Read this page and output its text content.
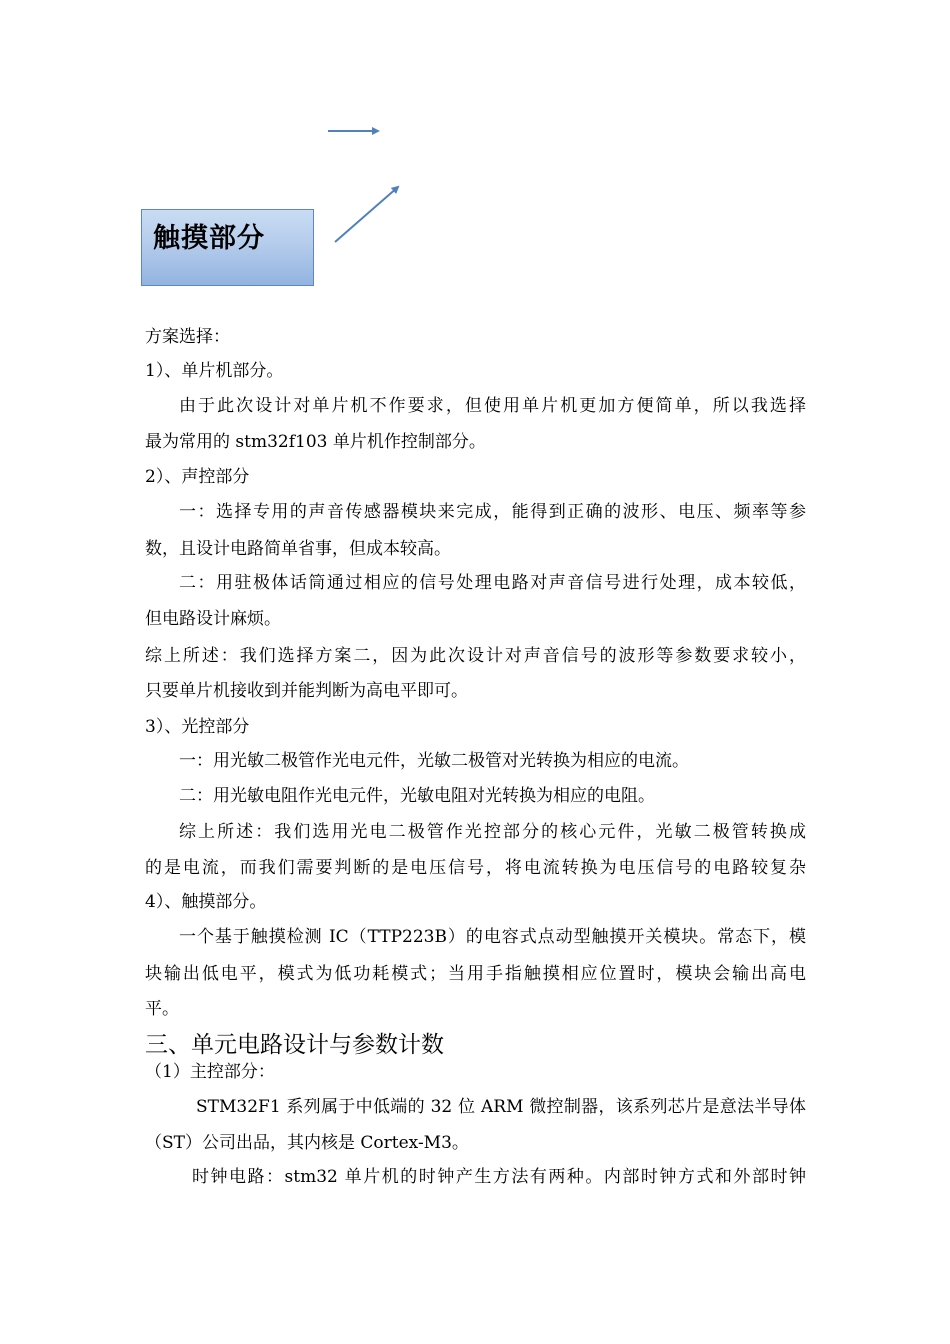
触摸部分
方案选择：
1）、单片机部分。
由于此次设计对单片机不作要求，但使用单片机更加方便简单，所以我选择
最为常用的 stm32f103 单片机作控制部分。
2）、声控部分
一：选择专用的声音传感器模块来完成，能得到正确的波形、电压、频率等参
数，且设计电路简单省事，但成本较高。
二：用驻极体话筒通过相应的信号处理电路对声音信号进行处理，成本较低，
但电路设计麻烦。
综上所述：我们选择方案二，因为此次设计对声音信号的波形等参数要求较小，
只要单片机接收到并能判断为高电平即可。
3）、光控部分
一：用光敏二极管作光电元件，光敏二极管对光转换为相应的电流。
二：用光敏电阻作光电元件，光敏电阻对光转换为相应的电阻。
综上所述：我们选用光电二极管作光控部分的核心元件，光敏二极管转换成
的是电流，而我们需要判断的是电压信号，将电流转换为电压信号的电路较复杂
4）、触摸部分。
一个基于触摸检测 IC（TTP223B）的电容式点动型触摸开关模块。常态下，模
块输出低电平，模式为低功耗模式；当用手指触摸相应位置时，模块会输出高电
平。
三、单元电路设计与参数计数
（1）主控部分：
STM32F1 系列属于中低端的 32 位 ARM 微控制器，该系列芯片是意法半导体
（ST）公司出品，其内核是 Cortex-M3。
时钟电路：stm32 单片机的时钟产生方法有两种。内部时钟方式和外部时钟
